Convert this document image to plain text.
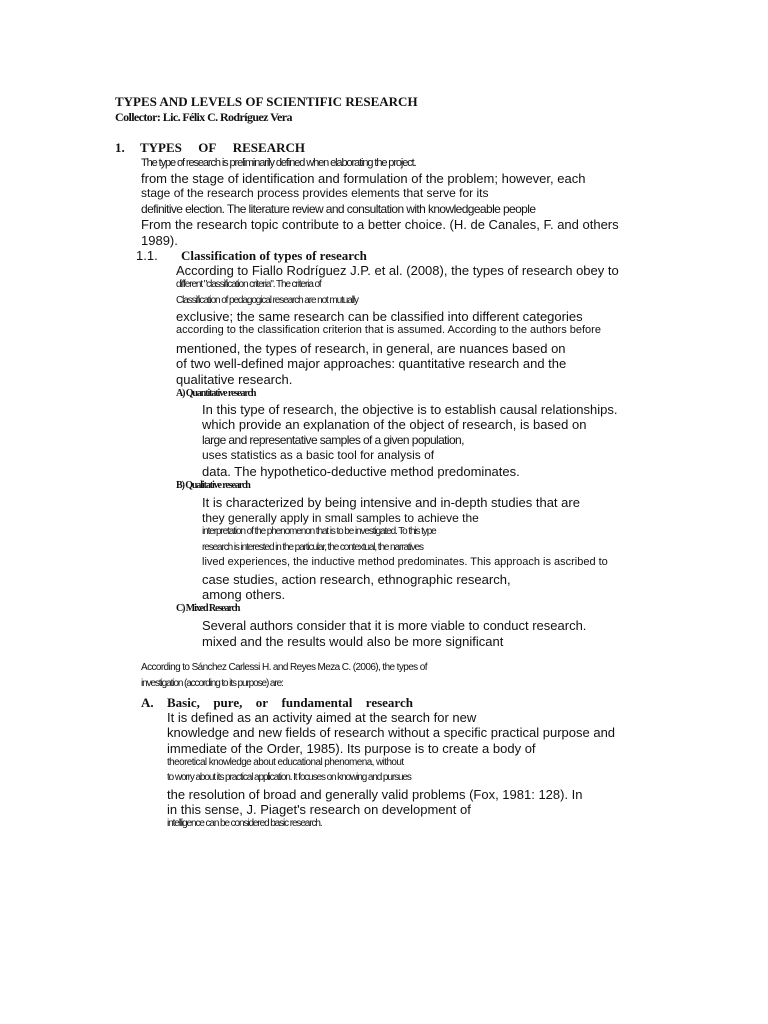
TYPES AND LEVELS OF SCIENTIFIC RESEARCH
Collector: Lic. Félix C. Rodríguez Vera
1. TYPES OF RESEARCH
The type of research is preliminarily defined when elaborating the project.
from the stage of identification and formulation of the problem; however, each
stage of the research process provides elements that serve for its
definitive election. The literature review and consultation with knowledgeable people
From the research topic contribute to a better choice. (H. de Canales, F. and others
1989).
1.1. Classification of types of research
According to Fiallo Rodríguez J.P. et al. (2008), the types of research obey to
different "classification criteria". The criteria of
Classification of pedagogical research are not mutually
exclusive; the same research can be classified into different categories
according to the classification criterion that is assumed. According to the authors before
mentioned, the types of research, in general, are nuances based on
of two well-defined major approaches: quantitative research and the
qualitative research.
A) Quantitative research
In this type of research, the objective is to establish causal relationships.
which provide an explanation of the object of research, is based on
large and representative samples of a given population,
uses statistics as a basic tool for analysis of
data. The hypothetico-deductive method predominates.
B) Qualitative research
It is characterized by being intensive and in-depth studies that are
they generally apply in small samples to achieve the
interpretation of the phenomenon that is to be investigated. To this type
research is interested in the particular, the contextual, the narratives
lived experiences, the inductive method predominates. This approach is ascribed to
case studies, action research, ethnographic research,
among others.
C) Mixed Research
Several authors consider that it is more viable to conduct research.
mixed and the results would also be more significant
According to Sánchez Carlessi H. and Reyes Meza C. (2006), the types of
investigation (according to its purpose) are:
A. Basic, pure, or fundamental research
It is defined as an activity aimed at the search for new
knowledge and new fields of research without a specific practical purpose and
immediate of the Order, 1985). Its purpose is to create a body of
theoretical knowledge about educational phenomena, without
to worry about its practical application. It focuses on knowing and pursues
the resolution of broad and generally valid problems (Fox, 1981: 128). In
in this sense, J. Piaget's research on development of
intelligence can be considered basic research.
